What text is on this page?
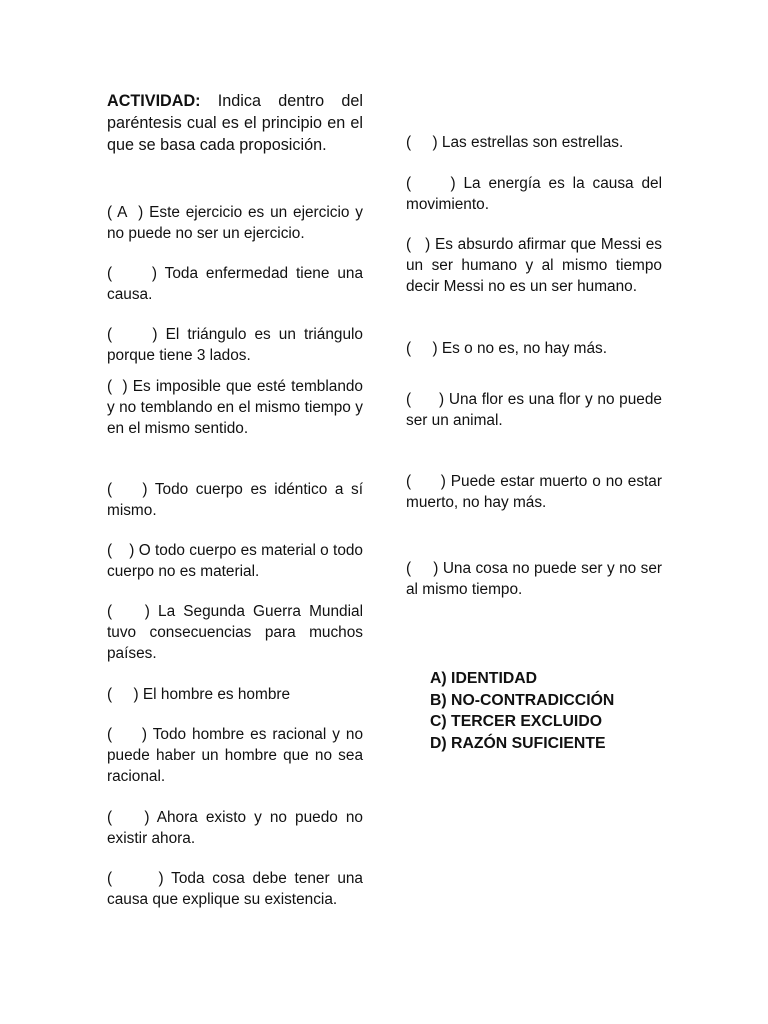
ACTIVIDAD: Indica dentro del paréntesis cual es el principio en el que se basa cada proposición.

( A  ) Este ejercicio es un ejercicio y no puede no ser un ejercicio.
(     ) Toda enfermedad tiene una causa.
(     ) El triángulo es un triángulo porque tiene 3 lados.
(  ) Es imposible que esté temblando y no temblando en el mismo tiempo y en el mismo sentido.
(    ) Todo cuerpo es idéntico a sí mismo.
(    ) O todo cuerpo es material o todo cuerpo no es material.
(    ) La Segunda Guerra Mundial tuvo consecuencias para muchos países.
(     ) El hombre es hombre
(     ) Todo hombre es racional y no puede haber un hombre que no sea racional.
(    ) Ahora existo y no puedo no existir ahora.
(      ) Toda cosa debe tener una causa que explique su existencia.
(     ) Las estrellas son estrellas.
(     ) La energía es la causa del movimiento.
(   ) Es absurdo afirmar que Messi es un ser humano y al mismo tiempo decir Messi no es un ser humano.
(     ) Es o no es, no hay más.
(      ) Una flor es una flor y no puede ser un animal.
(      ) Puede estar muerto o no estar muerto, no hay más.
(     ) Una cosa no puede ser y no ser al mismo tiempo.
A) IDENTIDAD
B) NO-CONTRADICCIÓN
C) TERCER EXCLUIDO
D) RAZÓN SUFICIENTE
